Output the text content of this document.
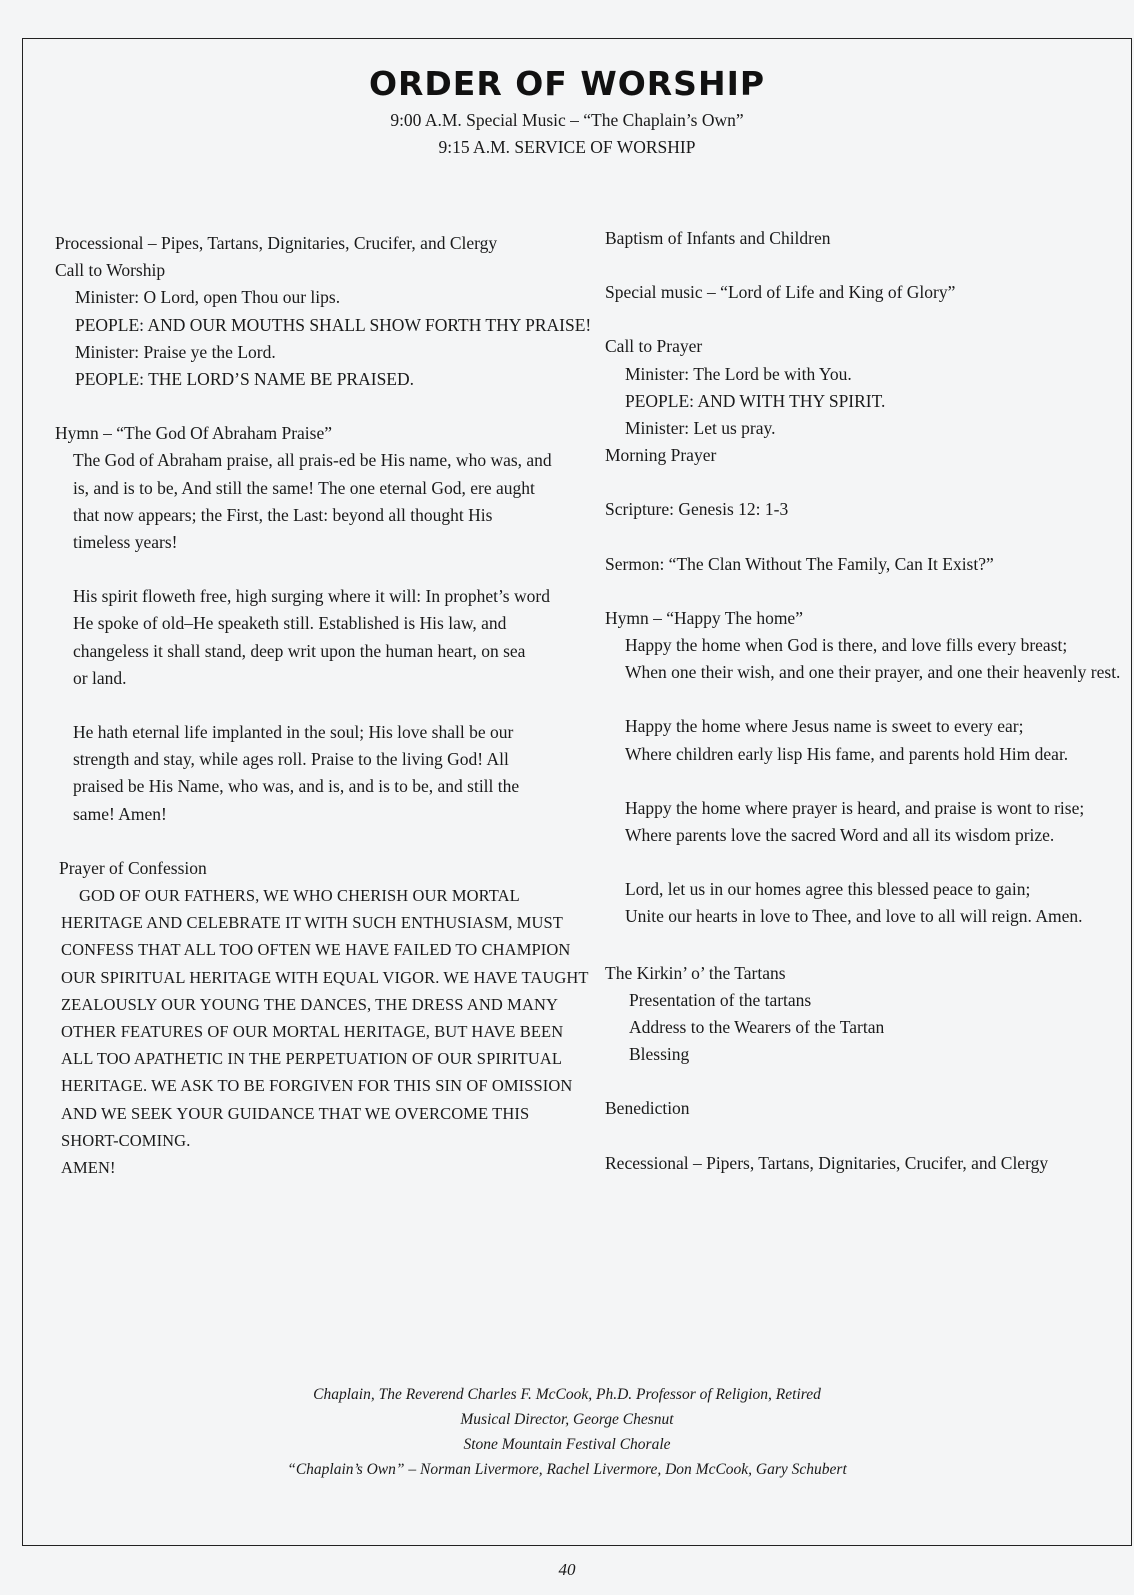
ORDER OF WORSHIP
9:00 A.M. Special Music – “The Chaplain’s Own”
9:15 A.M. SERVICE OF WORSHIP
Processional – Pipes, Tartans, Dignitaries, Crucifer, and Clergy
Call to Worship
Minister: O Lord, open Thou our lips.
PEOPLE: AND OUR MOUTHS SHALL SHOW FORTH THY PRAISE!
Minister: Praise ye the Lord.
PEOPLE: THE LORD’S NAME BE PRAISED.
Hymn – “The God Of Abraham Praise”
The God of Abraham praise, all prais-ed be His name, who was, and
is, and is to be, And still the same! The one eternal God, ere aught
that now appears; the First, the Last: beyond all thought His
timeless years!
His spirit floweth free, high surging where it will: In prophet’s word
He spoke of old–He speaketh still. Established is His law, and
changeless it shall stand, deep writ upon the human heart, on sea
or land.
He hath eternal life implanted in the soul; His love shall be our
strength and stay, while ages roll. Praise to the living God! All
praised be His Name, who was, and is, and is to be, and still the
same! Amen!
Prayer of Confession
GOD OF OUR FATHERS, WE WHO CHERISH OUR MORTAL
HERITAGE AND CELEBRATE IT WITH SUCH ENTHUSIASM, MUST
CONFESS THAT ALL TOO OFTEN WE HAVE FAILED TO CHAMPION
OUR SPIRITUAL HERITAGE WITH EQUAL VIGOR. WE HAVE TAUGHT
ZEALOUSLY OUR YOUNG THE DANCES, THE DRESS AND MANY
OTHER FEATURES OF OUR MORTAL HERITAGE, BUT HAVE BEEN
ALL TOO APATHETIC IN THE PERPETUATION OF OUR SPIRITUAL
HERITAGE. WE ASK TO BE FORGIVEN FOR THIS SIN OF OMISSION
AND WE SEEK YOUR GUIDANCE THAT WE OVERCOME THIS
SHORT-COMING.
AMEN!
Baptism of Infants and Children
Special music – “Lord of Life and King of Glory”
Call to Prayer
Minister: The Lord be with You.
PEOPLE: AND WITH THY SPIRIT.
Minister: Let us pray.
Morning Prayer
Scripture: Genesis 12: 1-3
Sermon: “The Clan Without The Family, Can It Exist?”
Hymn – “Happy The home”
Happy the home when God is there, and love fills every breast;
When one their wish, and one their prayer, and one their heavenly rest.
Happy the home where Jesus name is sweet to every ear;
Where children early lisp His fame, and parents hold Him dear.
Happy the home where prayer is heard, and praise is wont to rise;
Where parents love the sacred Word and all its wisdom prize.
Lord, let us in our homes agree this blessed peace to gain;
Unite our hearts in love to Thee, and love to all will reign. Amen.
The Kirkin’ o’ the Tartans
Presentation of the tartans
Address to the Wearers of the Tartan
Blessing
Benediction
Recessional – Pipers, Tartans, Dignitaries, Crucifer, and Clergy
Chaplain, The Reverend Charles F. McCook, Ph.D. Professor of Religion, Retired
Musical Director, George Chesnut
Stone Mountain Festival Chorale
“Chaplain’s Own” – Norman Livermore, Rachel Livermore, Don McCook, Gary Schubert
40
